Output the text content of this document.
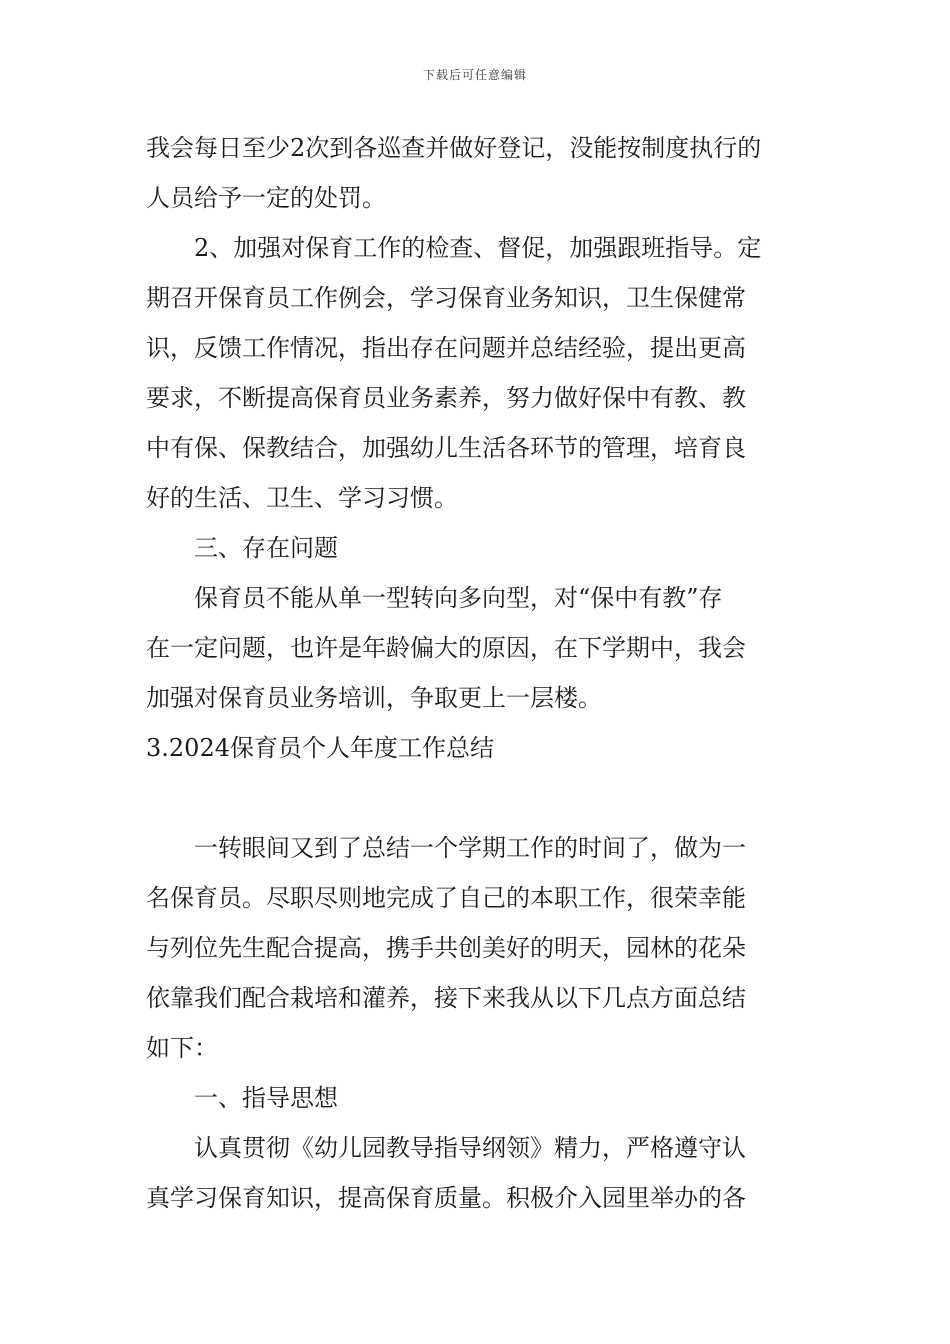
下载后可任意编辑
我会每日至少2次到各巡查并做好登记，没能按制度执行的
人员给予一定的处罚。
2、加强对保育工作的检查、督促，加强跟班指导。定
期召开保育员工作例会，学习保育业务知识，卫生保健常
识，反馈工作情况，指出存在问题并总结经验，提出更高
要求，不断提高保育员业务素养，努力做好保中有教、教
中有保、保教结合，加强幼儿生活各环节的管理，培育良
好的生活、卫生、学习习惯。
三、存在问题
保育员不能从单一型转向多向型，对“保中有教”存
在一定问题，也许是年龄偏大的原因，在下学期中，我会
加强对保育员业务培训，争取更上一层楼。
3.2024保育员个人年度工作总结
一转眼间又到了总结一个学期工作的时间了，做为一
名保育员。尽职尽则地完成了自己的本职工作，很荣幸能
与列位先生配合提高，携手共创美好的明天，园林的花朵
依靠我们配合栽培和灌养，接下来我从以下几点方面总结
如下：
一、指导思想
认真贯彻《幼儿园教导指导纲领》精力，严格遵守认
真学习保育知识，提高保育质量。积极介入园里举办的各
